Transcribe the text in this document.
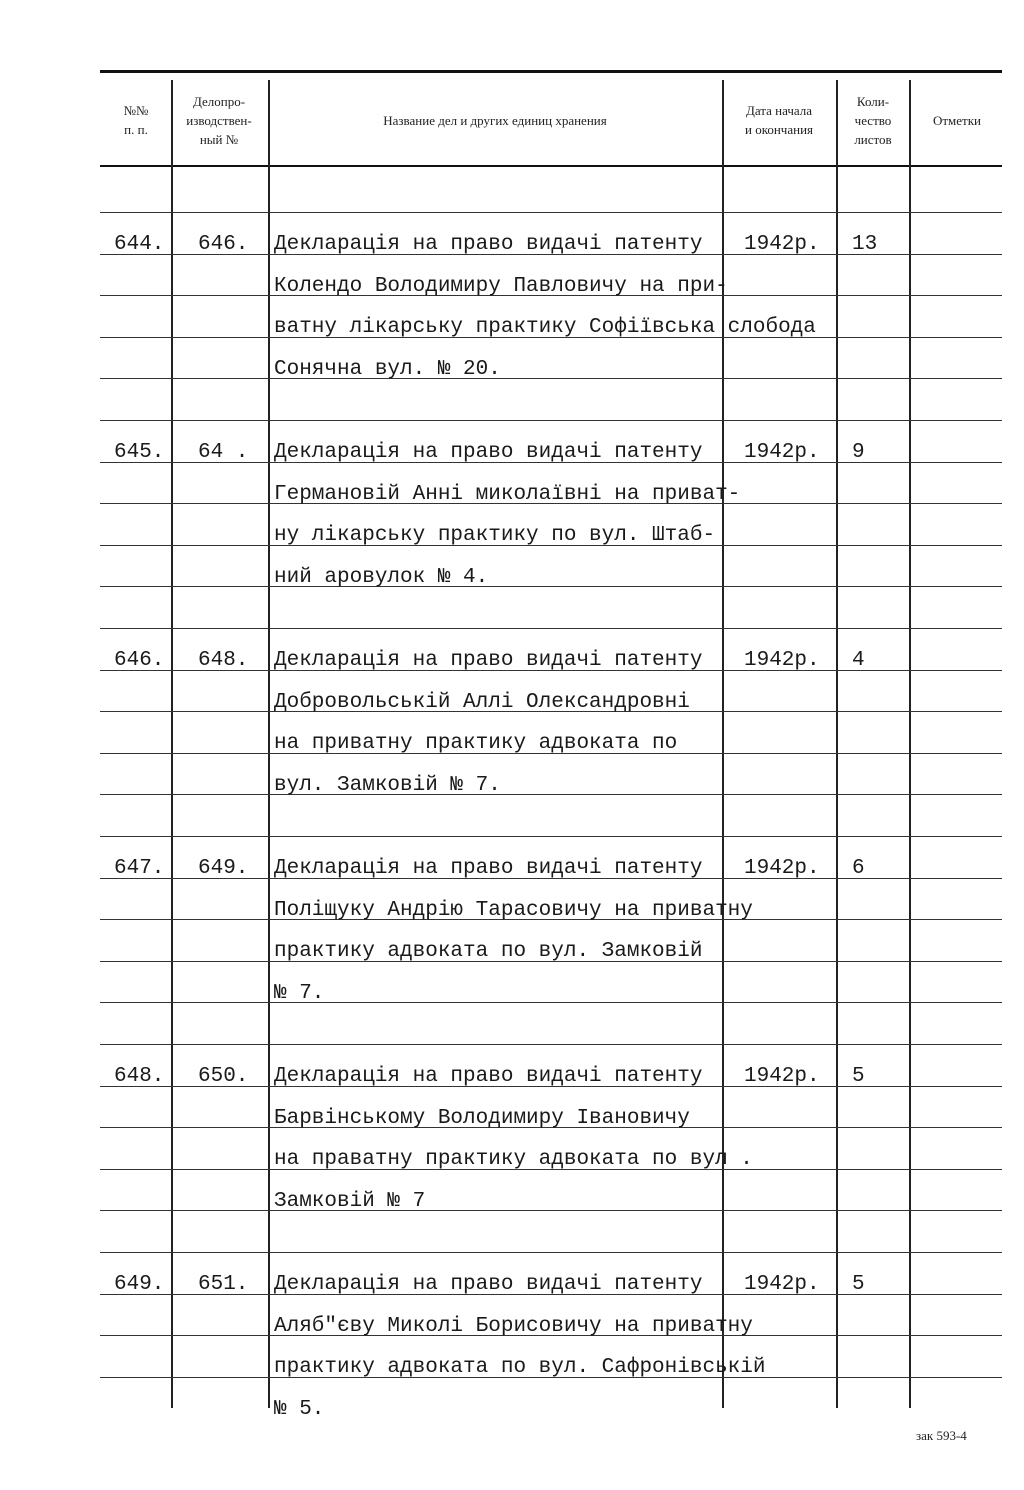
№№
п. п.
Делопро-
изводствен-
ный №
Название дел и других единиц хранения
Дата начала
и окончания
Коли-
чество
листов
Отметки
644. 646. Декларація на право видачі патенту
Колендо Володимиру Павловичу на при-
ватну лікарську практику Софіївська слобода
Сонячна вул. № 20.
1942р. 13
645. 64 . Декларація на право видачі патенту
Германовій Анні миколаївні на приват-
ну лікарську практику по вул. Штаб-
ний аровулок № 4.
1942р. 9
646. 648. Декларація на право видачі патенту
Добровольській Аллі Олександровні
на приватну практику адвоката по
вул. Замковій № 7.
1942р. 4
647. 649. Декларація на право видачі патенту
Поліщуку Андрію Тарасовичу на приватну
практику адвоката по вул. Замковій
№ 7.
1942р. 6
648. 650. Декларація на право видачі патенту
Барвінському Володимиру Івановичу
на праватну практику адвоката по вул .
Замковій № 7
1942р. 5
649. 651. Декларація на право видачі патенту
Аляб"єву Миколі Борисовичу на приватну
практику адвоката по вул. Сафронівській
№ 5.
1942р. 5
зак 593-4
